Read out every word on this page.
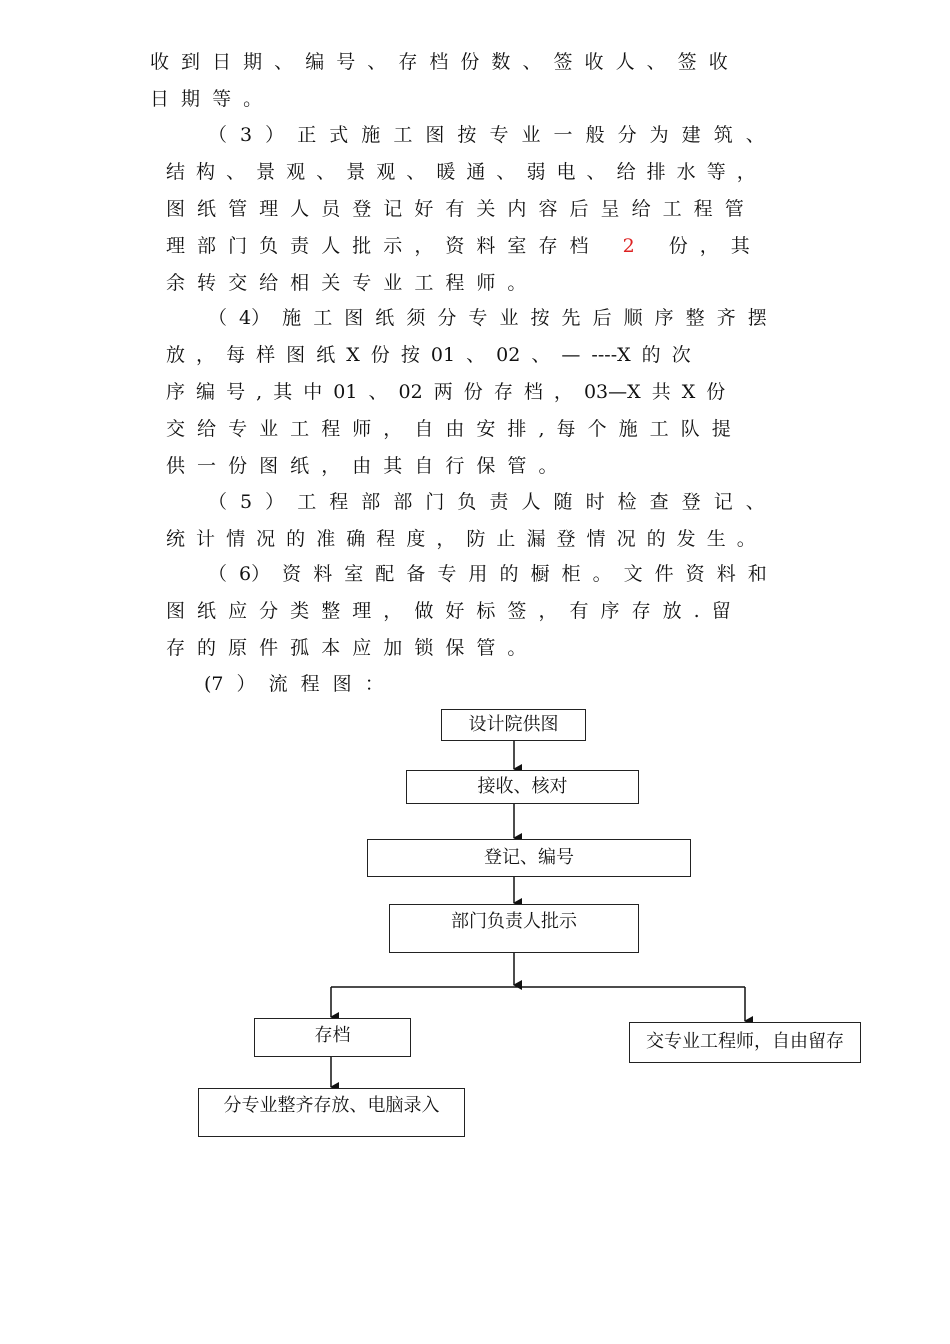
收 到 日 期 、 编 号 、 存 档 份 数 、 签 收 人 、 签 收
日 期 等 。
（ 3 ） 正 式 施 工 图 按 专 业 一 般 分 为 建 筑 、
结 构 、 景 观 、 景 观 、 暖 通 、 弱 电 、 给 排 水 等 ，
图 纸 管 理 人 员 登 记 好 有 关 内 容 后 呈 给 工 程 管
理 部 门 负 责 人 批 示 ， 资 料 室 存 档 2 份 ， 其
余 转 交 给 相 关 专 业 工 程 师 。
（ 4） 施 工 图 纸 须 分 专 业 按 先 后 顺 序 整 齐 摆
放 ， 每 样 图 纸 X 份 按 01 、 02 、 — ----X 的 次
序 编 号 , 其 中 01 、 02 两 份 存 档 ， 03—X 共 X 份
交 给 专 业 工 程 师 ， 自 由 安 排 , 每 个 施 工 队 提
供 一 份 图 纸 ， 由 其 自 行 保 管 。
（ 5 ） 工 程 部 部 门 负 责 人 随 时 检 查 登 记 、
统 计 情 况 的 准 确 程 度 ， 防 止 漏 登 情 况 的 发 生 。
（ 6） 资 料 室 配 备 专 用 的 橱 柜 。 文 件 资 料 和
图 纸 应 分 类 整 理 ， 做 好 标 签 ， 有 序 存 放 . 留
存 的 原 件 孤 本 应 加 锁 保 管 。
(7 ） 流 程 图 ：
设计院供图
接收、核对
登记、编号
部门负责人批示
存档	交专业工程师，自由留存
分专业整齐存放、电脑录入
